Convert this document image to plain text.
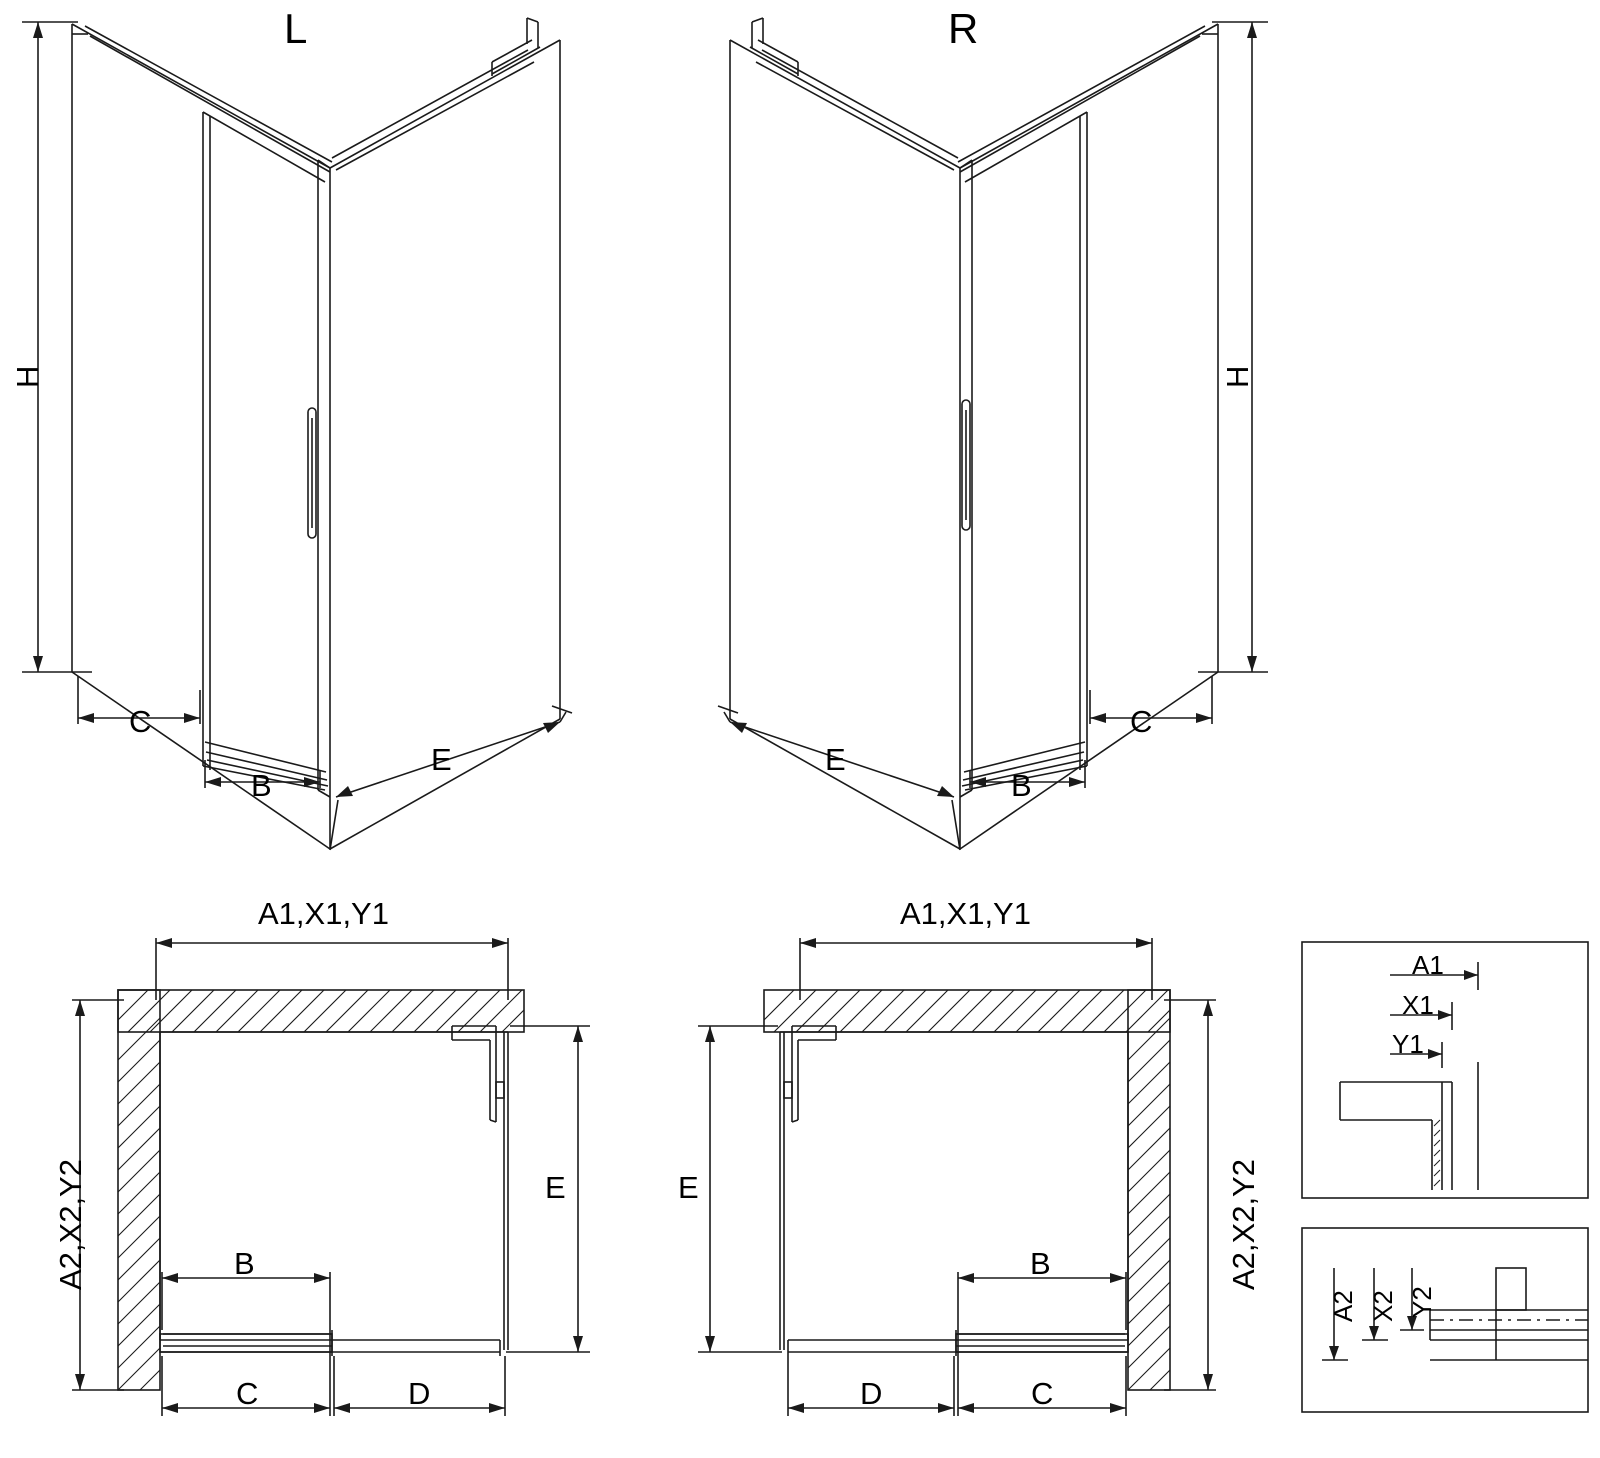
L
H
C
B
E
R
H
C
B
E
A1,X1,Y1
A2,X2,Y2	E
B
C	D
A1,X1,Y1
A2,X2,Y2
E
B
C
D
A1
X1
Y1
A2 X2 Y2
